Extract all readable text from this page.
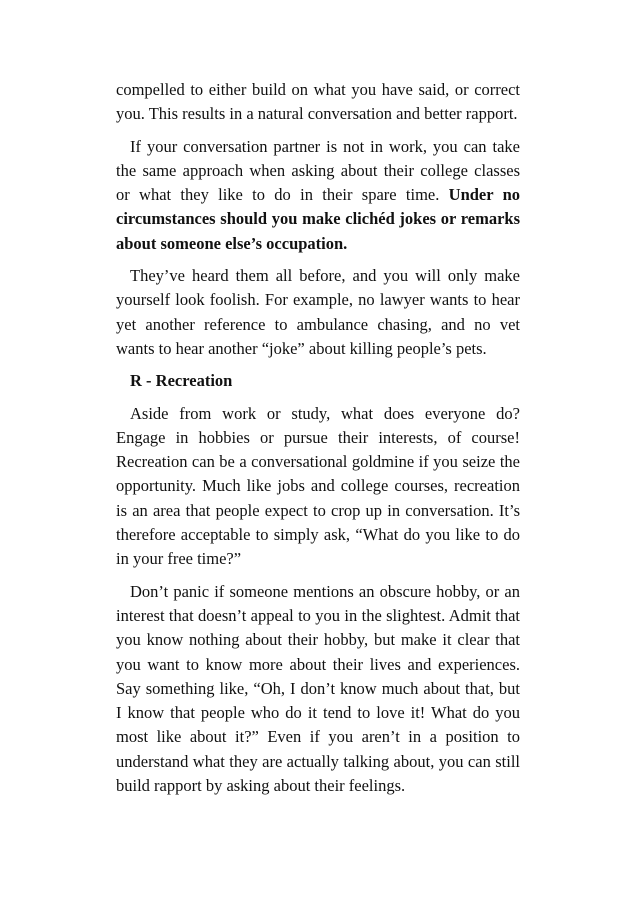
compelled to either build on what you have said, or correct you. This results in a natural conversation and better rapport.

If your conversation partner is not in work, you can take the same approach when asking about their college classes or what they like to do in their spare time. Under no circumstances should you make clichéd jokes or remarks about someone else’s occupation.

They’ve heard them all before, and you will only make yourself look foolish. For example, no lawyer wants to hear yet another reference to ambulance chasing, and no vet wants to hear another “joke” about killing people’s pets.

R - Recreation

Aside from work or study, what does everyone do? Engage in hobbies or pursue their interests, of course! Recreation can be a conversational goldmine if you seize the opportunity. Much like jobs and college courses, recreation is an area that people expect to crop up in conversation. It’s therefore acceptable to simply ask, “What do you like to do in your free time?”

Don’t panic if someone mentions an obscure hobby, or an interest that doesn’t appeal to you in the slightest. Admit that you know nothing about their hobby, but make it clear that you want to know more about their lives and experiences. Say something like, “Oh, I don’t know much about that, but I know that people who do it tend to love it! What do you most like about it?” Even if you aren’t in a position to understand what they are actually talking about, you can still build rapport by asking about their feelings.
